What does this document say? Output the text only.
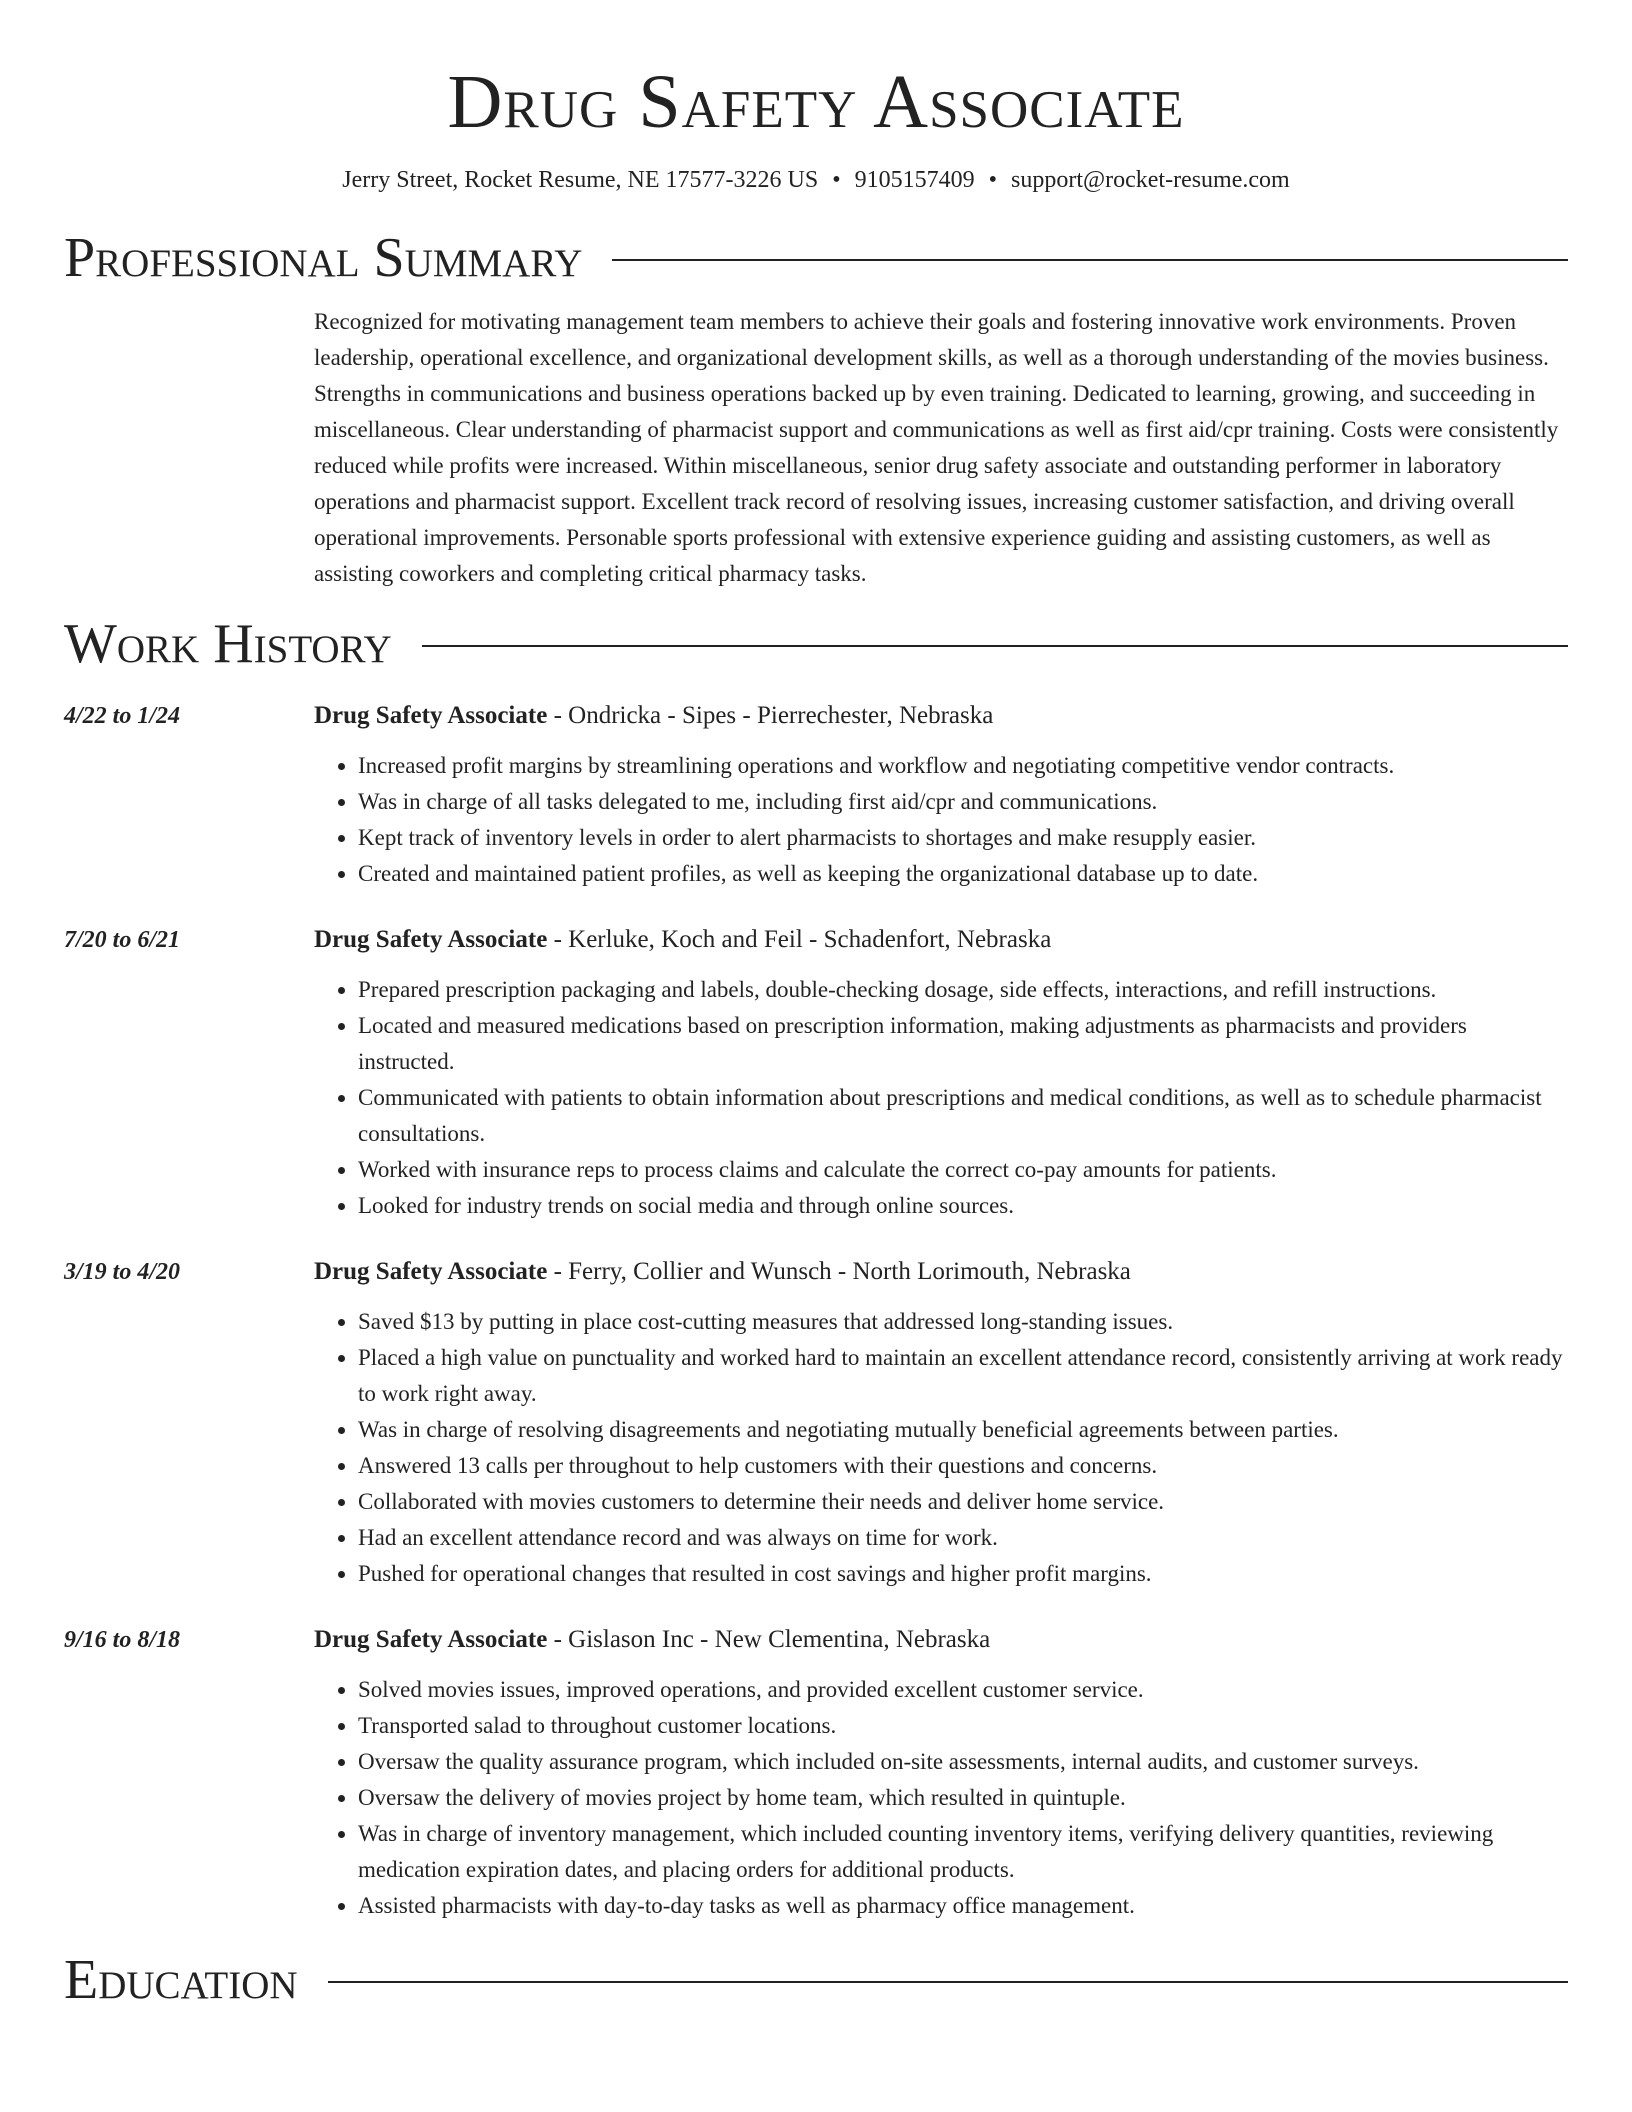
Drug Safety Associate
Jerry Street, Rocket Resume, NE 17577-3226 US • 9105157409 • support@rocket-resume.com
Professional Summary
Recognized for motivating management team members to achieve their goals and fostering innovative work environments. Proven leadership, operational excellence, and organizational development skills, as well as a thorough understanding of the movies business. Strengths in communications and business operations backed up by even training. Dedicated to learning, growing, and succeeding in miscellaneous. Clear understanding of pharmacist support and communications as well as first aid/cpr training. Costs were consistently reduced while profits were increased. Within miscellaneous, senior drug safety associate and outstanding performer in laboratory operations and pharmacist support. Excellent track record of resolving issues, increasing customer satisfaction, and driving overall operational improvements. Personable sports professional with extensive experience guiding and assisting customers, as well as assisting coworkers and completing critical pharmacy tasks.
Work History
4/22 to 1/24	Drug Safety Associate - Ondricka - Sipes - Pierrechester, Nebraska
• Increased profit margins by streamlining operations and workflow and negotiating competitive vendor contracts.
• Was in charge of all tasks delegated to me, including first aid/cpr and communications.
• Kept track of inventory levels in order to alert pharmacists to shortages and make resupply easier.
• Created and maintained patient profiles, as well as keeping the organizational database up to date.
7/20 to 6/21	Drug Safety Associate - Kerluke, Koch and Feil - Schadenfort, Nebraska
• Prepared prescription packaging and labels, double-checking dosage, side effects, interactions, and refill instructions.
• Located and measured medications based on prescription information, making adjustments as pharmacists and providers instructed.
• Communicated with patients to obtain information about prescriptions and medical conditions, as well as to schedule pharmacist consultations.
• Worked with insurance reps to process claims and calculate the correct co-pay amounts for patients.
• Looked for industry trends on social media and through online sources.
3/19 to 4/20	Drug Safety Associate - Ferry, Collier and Wunsch - North Lorimouth, Nebraska
• Saved $13 by putting in place cost-cutting measures that addressed long-standing issues.
• Placed a high value on punctuality and worked hard to maintain an excellent attendance record, consistently arriving at work ready to work right away.
• Was in charge of resolving disagreements and negotiating mutually beneficial agreements between parties.
• Answered 13 calls per throughout to help customers with their questions and concerns.
• Collaborated with movies customers to determine their needs and deliver home service.
• Had an excellent attendance record and was always on time for work.
• Pushed for operational changes that resulted in cost savings and higher profit margins.
9/16 to 8/18	Drug Safety Associate - Gislason Inc - New Clementina, Nebraska
• Solved movies issues, improved operations, and provided excellent customer service.
• Transported salad to throughout customer locations.
• Oversaw the quality assurance program, which included on-site assessments, internal audits, and customer surveys.
• Oversaw the delivery of movies project by home team, which resulted in quintuple.
• Was in charge of inventory management, which included counting inventory items, verifying delivery quantities, reviewing medication expiration dates, and placing orders for additional products.
• Assisted pharmacists with day-to-day tasks as well as pharmacy office management.
Education
